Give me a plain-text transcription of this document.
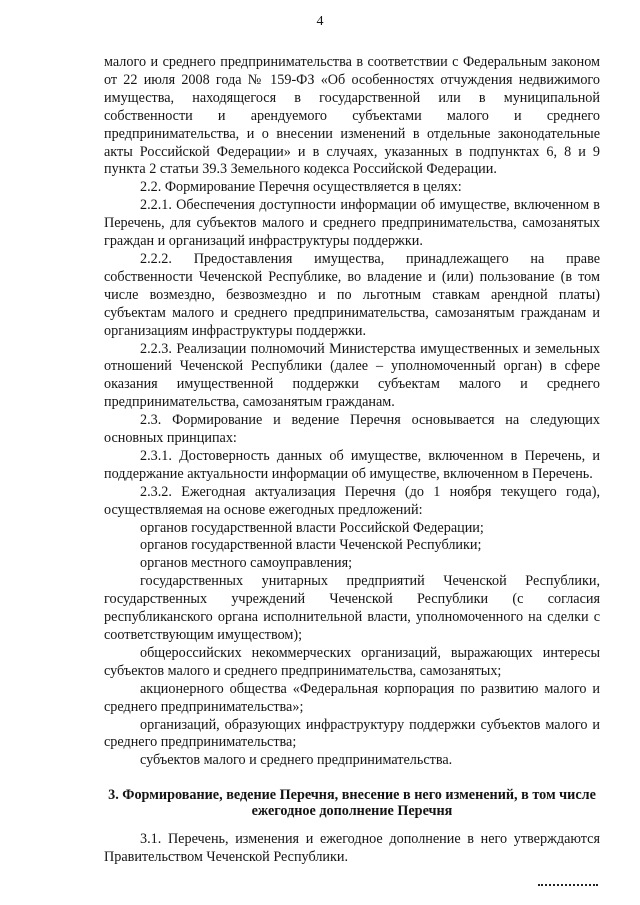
4

малого и среднего предпринимательства в соответствии с Федеральным законом от 22 июля 2008 года № 159-ФЗ «Об особенностях отчуждения недвижимого имущества, находящегося в государственной или в муниципальной собственности и арендуемого субъектами малого и среднего предпринимательства, и о внесении изменений в отдельные законодательные акты Российской Федерации» и в случаях, указанных в подпунктах 6, 8 и 9 пункта 2 статьи 39.3 Земельного кодекса Российской Федерации.

2.2. Формирование Перечня осуществляется в целях:

2.2.1. Обеспечения доступности информации об имуществе, включенном в Перечень, для субъектов малого и среднего предпринимательства, самозанятых граждан и организаций инфраструктуры поддержки.

2.2.2. Предоставления имущества, принадлежащего на праве собственности Чеченской Республике, во владение и (или) пользование (в том числе возмездно, безвозмездно и по льготным ставкам арендной платы) субъектам малого и среднего предпринимательства, самозанятым гражданам и организациям инфраструктуры поддержки.

2.2.3. Реализации полномочий Министерства имущественных и земельных отношений Чеченской Республики (далее – уполномоченный орган) в сфере оказания имущественной поддержки субъектам малого и среднего предпринимательства, самозанятым гражданам.

2.3. Формирование и ведение Перечня основывается на следующих основных принципах:

2.3.1. Достоверность данных об имуществе, включенном в Перечень, и поддержание актуальности информации об имуществе, включенном в Перечень.

2.3.2. Ежегодная актуализация Перечня (до 1 ноября текущего года), осуществляемая на основе ежегодных предложений:

органов государственной власти Российской Федерации;

органов государственной власти Чеченской Республики;

органов местного самоуправления;

государственных унитарных предприятий Чеченской Республики, государственных учреждений Чеченской Республики (с согласия республиканского органа исполнительной власти, уполномоченного на сделки с соответствующим имуществом);

общероссийских некоммерческих организаций, выражающих интересы субъектов малого и среднего предпринимательства, самозанятых;

акционерного общества «Федеральная корпорация по развитию малого и среднего предпринимательства»;

организаций, образующих инфраструктуру поддержки субъектов малого и среднего предпринимательства;

субъектов малого и среднего предпринимательства.

3. Формирование, ведение Перечня, внесение в него изменений, в том числе ежегодное дополнение Перечня

3.1. Перечень, изменения и ежегодное дополнение в него утверждаются Правительством Чеченской Республики.
